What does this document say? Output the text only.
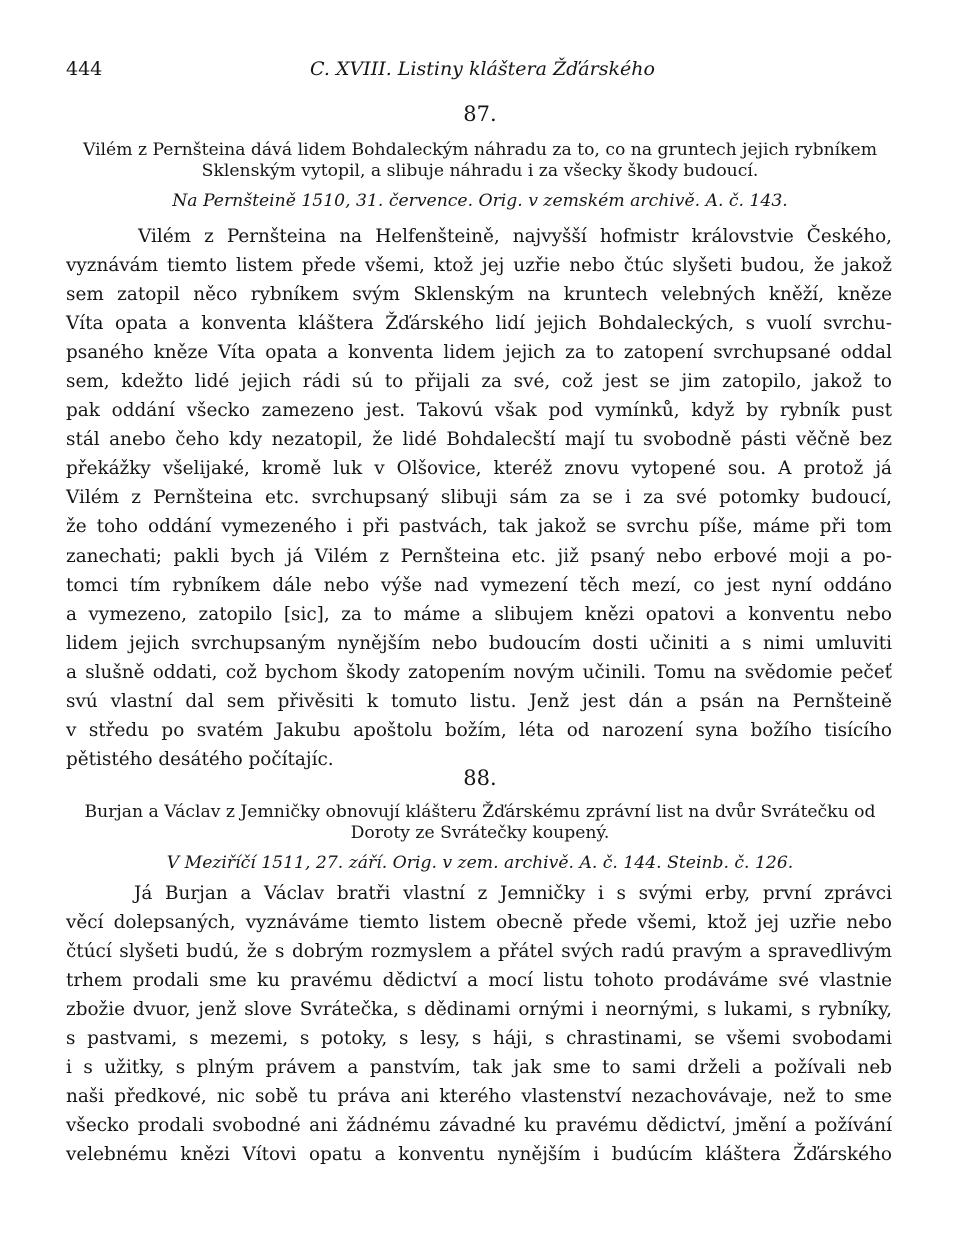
444	C. XVIII. Listiny kláštera Žďárského
87.
Vilém z Pernšteina dává lidem Bohdaleckým náhradu za to, co na gruntech jejich rybníkem
Sklenským vytopil, a slibuje náhradu i za všecky škody budoucí.
Na Pernšteině 1510, 31. července. Orig. v zemském archivě. A. č. 143.
Vilém z Pernšteina na Helfenšteině, najvyšší hofmistr královstvie Českého,
vyznávám tiemto listem přede všemi, ktož jej uzřie nebo čtúc slyšeti budou, že jakož
sem zatopil něco rybníkem svým Sklenským na kruntech velebných kněží, kněze
Víta opata a konventa kláštera Žďárského lidí jejich Bohdaleckých, s vuolí svrchu-
psaného kněze Víta opata a konventa lidem jejich za to zatopení svrchupsané oddal
sem, kdežto lidé jejich rádi sú to přijali za své, což jest se jim zatopilo, jakož to
pak oddání všecko zamezeno jest. Takovú však pod vymínků, když by rybník pust
stál anebo čeho kdy nezatopil, že lidé Bohdalecští mají tu svobodně pásti věčně bez
překážky všelijaké, kromě luk v Olšovice, kteréž znovu vytopené sou. A protož já
Vilém z Pernšteina etc. svrchupsaný slibuji sám za se i za své potomky budoucí,
že toho oddání vymezeného i při pastvách, tak jakož se svrchu píše, máme při tom
zanechati; pakli bych já Vilém z Pernšteina etc. již psaný nebo erbové moji a po-
tomci tím rybníkem dále nebo výše nad vymezení těch mezí, co jest nyní oddáno
a vymezeno, zatopilo [sic], za to máme a slibujem knězi opatovi a konventu nebo
lidem jejich svrchupsaným nynějším nebo budoucím dosti učiniti a s nimi umluviti
a slušně oddati, což bychom škody zatopením novým učinili. Tomu na svědomie pečeť
svú vlastní dal sem přivěsiti k tomuto listu. Jenž jest dán a psán na Pernšteině
v středu po svatém Jakubu apoštolu božím, léta od narození syna božího tisícího
pětistého desátého počítajíc.
88.
Burjan a Václav z Jemničky obnovují klášteru Žďárskému zprávní list na dvůr Svrátečku od
Doroty ze Svrátečky koupený.
V Meziříčí 1511, 27. září. Orig. v zem. archivě. A. č. 144. Steinb. č. 126.
Já Burjan a Václav bratři vlastní z Jemničky i s svými erby, první zprávci
věcí dolepsaných, vyznáváme tiemto listem obecně přede všemi, ktož jej uzřie nebo
čtúcí slyšeti budú, že s dobrým rozmyslem a přátel svých radú pravým a spravedlivým
trhem prodali sme ku pravému dědictví a mocí listu tohoto prodáváme své vlastnie
zbožie dvuor, jenž slove Svrátečka, s dědinami ornými i neornými, s lukami, s rybníky,
s pastvami, s mezemi, s potoky, s lesy, s háji, s chrastinami, se všemi svobodami
i s užitky, s plným právem a panstvím, tak jak sme to sami drželi a požívali neb
naši předkové, nic sobě tu práva ani kterého vlastenství nezachovávaje, než to sme
všecko prodali svobodné ani žádnému závadné ku pravému dědictví, jmění a požívání
velebnému knězi Vítovi opatu a konventu nynějším i budúcím kláštera Žďárského
